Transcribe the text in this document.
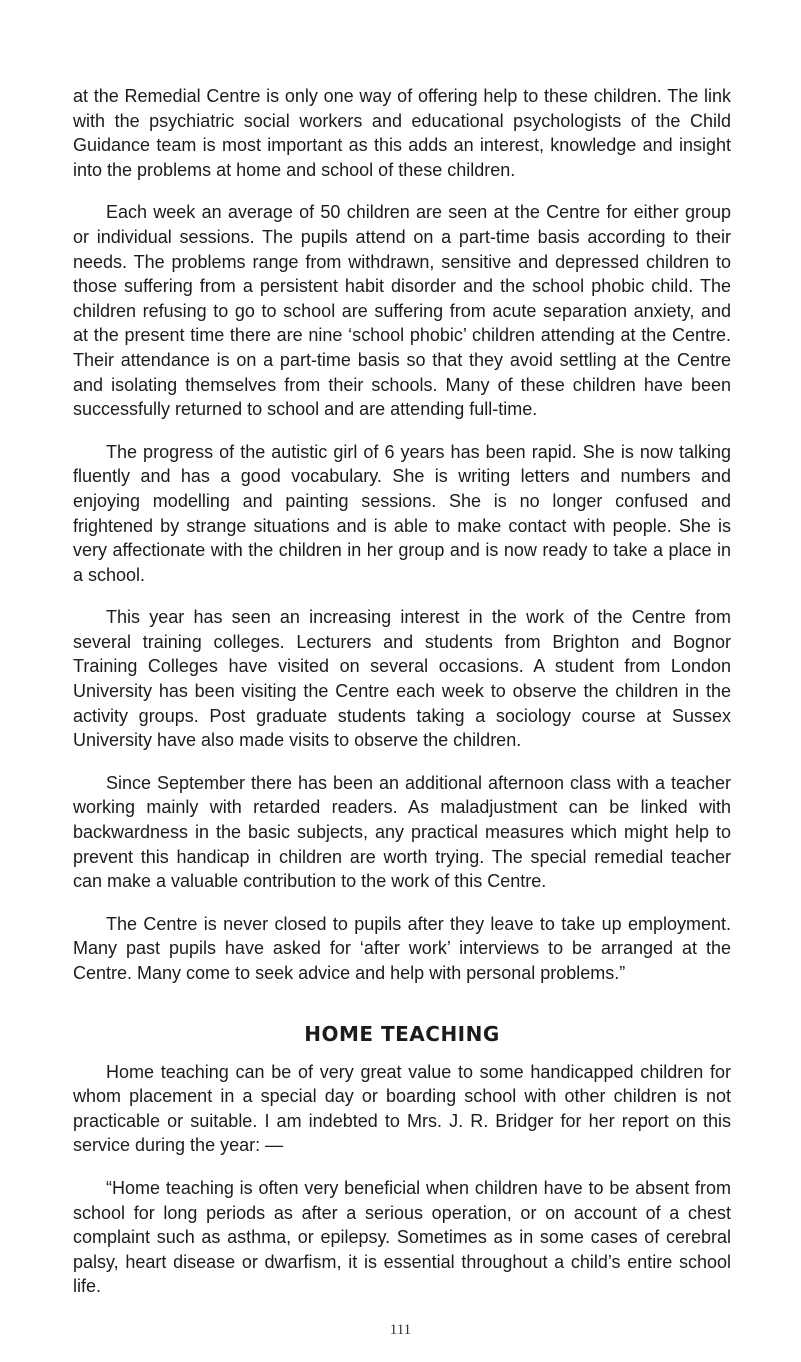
at the Remedial Centre is only one way of offering help to these children. The link with the psychiatric social workers and educational psychologists of the Child Guidance team is most important as this adds an interest, knowledge and insight into the problems at home and school of these children.

Each week an average of 50 children are seen at the Centre for either group or individual sessions. The pupils attend on a part-time basis according to their needs. The problems range from withdrawn, sensitive and depressed children to those suffering from a persistent habit disorder and the school phobic child. The children refusing to go to school are suffering from acute separation anxiety, and at the present time there are nine ‘school phobic’ children attending at the Centre. Their attendance is on a part-time basis so that they avoid settling at the Centre and isolating themselves from their schools. Many of these children have been successfully returned to school and are attending full-time.

The progress of the autistic girl of 6 years has been rapid. She is now talking fluently and has a good vocabulary. She is writing letters and numbers and enjoying modelling and painting sessions. She is no longer confused and frightened by strange situations and is able to make contact with people. She is very affectionate with the children in her group and is now ready to take a place in a school.

This year has seen an increasing interest in the work of the Centre from several training colleges. Lecturers and students from Brighton and Bognor Training Colleges have visited on several occasions. A student from London University has been visiting the Centre each week to observe the children in the activity groups. Post graduate students taking a sociology course at Sussex University have also made visits to observe the children.

Since September there has been an additional afternoon class with a teacher working mainly with retarded readers. As maladjustment can be linked with backwardness in the basic subjects, any practical measures which might help to prevent this handicap in children are worth trying. The special remedial teacher can make a valuable contribution to the work of this Centre.

The Centre is never closed to pupils after they leave to take up employment. Many past pupils have asked for ‘after work’ interviews to be arranged at the Centre. Many come to seek advice and help with personal problems.”

HOME TEACHING

Home teaching can be of very great value to some handicapped children for whom placement in a special day or boarding school with other children is not practicable or suitable. I am indebted to Mrs. J. R. Bridger for her report on this service during the year: —

“Home teaching is often very beneficial when children have to be absent from school for long periods as after a serious operation, or on account of a chest complaint such as asthma, or epilepsy. Sometimes as in some cases of cerebral palsy, heart disease or dwarfism, it is essential throughout a child’s entire school life.

111
